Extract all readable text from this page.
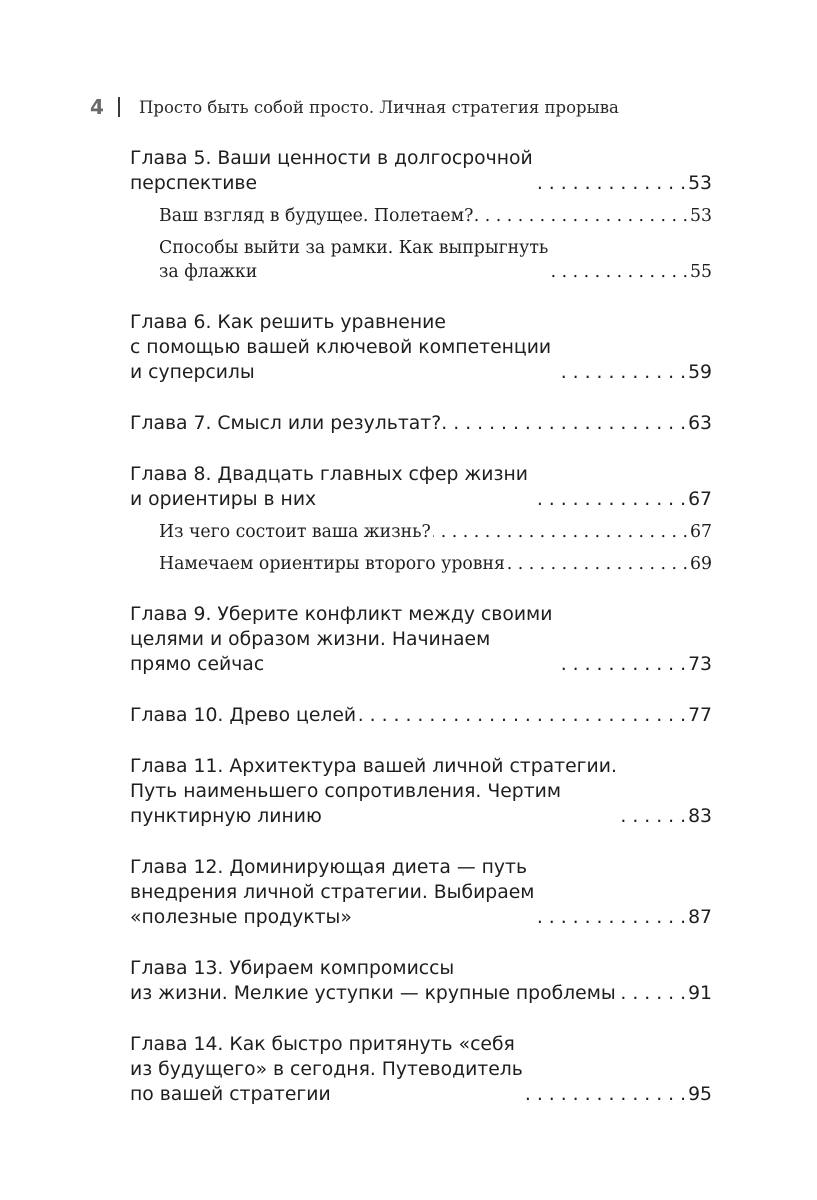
4	Просто быть собой просто. Личная стратегия прорыва
Глава 5. Ваши ценности в долгосрочной
перспективе . . .	53
Ваш взгляд в будущее. Полетаем? . . .	53
Способы выйти за рамки. Как выпрыгнуть
за флажки . . .	55
Глава 6. Как решить уравнение
с помощью вашей ключевой компетенции
и суперсилы . . .	59
Глава 7. Смысл или результат? . . .	63
Глава 8. Двадцать главных сфер жизни
и ориентиры в них . . .	67
Из чего состоит ваша жизнь? . . .	67
Намечаем ориентиры второго уровня . . .	69
Глава 9. Уберите конфликт между своими
целями и образом жизни. Начинаем
прямо сейчас . . .	73
Глава 10. Древо целей . . .	77
Глава 11. Архитектура вашей личной стратегии.
Путь наименьшего сопротивления. Чертим
пунктирную линию . . .	83
Глава 12. Доминирующая диета — путь
внедрения личной стратегии. Выбираем
«полезные продукты» . . .	87
Глава 13. Убираем компромиссы
из жизни. Мелкие уступки — крупные проблемы . . .	91
Глава 14. Как быстро притянуть «себя
из будущего» в сегодня. Путеводитель
по вашей стратегии . . .	95
